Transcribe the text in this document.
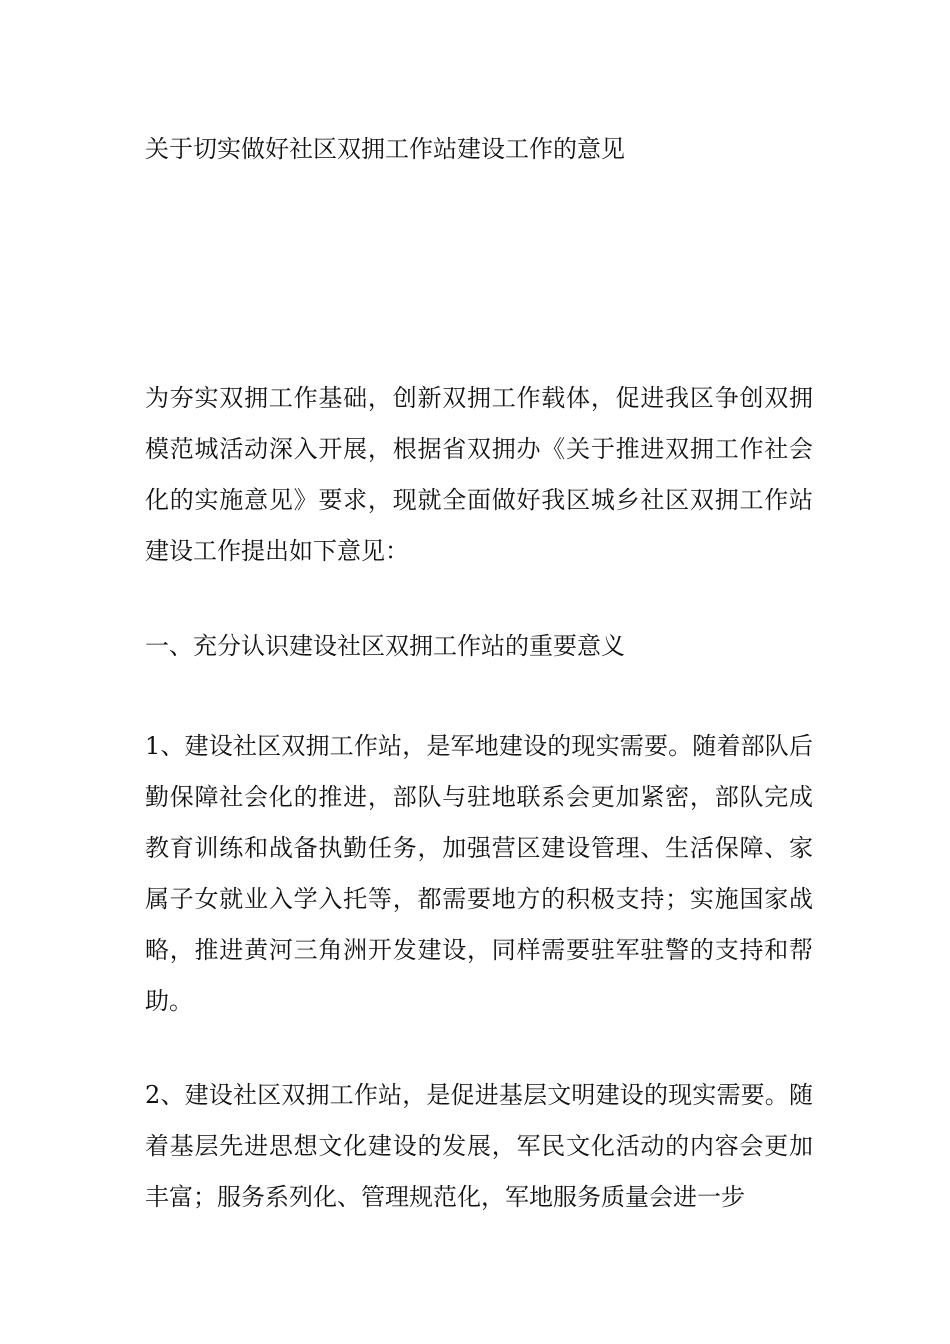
关于切实做好社区双拥工作站建设工作的意见
为夯实双拥工作基础，创新双拥工作载体，促进我区争创双拥模范城活动深入开展，根据省双拥办《关于推进双拥工作社会化的实施意见》要求，现就全面做好我区城乡社区双拥工作站建设工作提出如下意见：
一、充分认识建设社区双拥工作站的重要意义
1、建设社区双拥工作站，是军地建设的现实需要。随着部队后勤保障社会化的推进，部队与驻地联系会更加紧密，部队完成教育训练和战备执勤任务，加强营区建设管理、生活保障、家属子女就业入学入托等，都需要地方的积极支持；实施国家战略，推进黄河三角洲开发建设，同样需要驻军驻警的支持和帮助。
2、建设社区双拥工作站，是促进基层文明建设的现实需要。随着基层先进思想文化建设的发展，军民文化活动的内容会更加丰富；服务系列化、管理规范化，军地服务质量会进一步
